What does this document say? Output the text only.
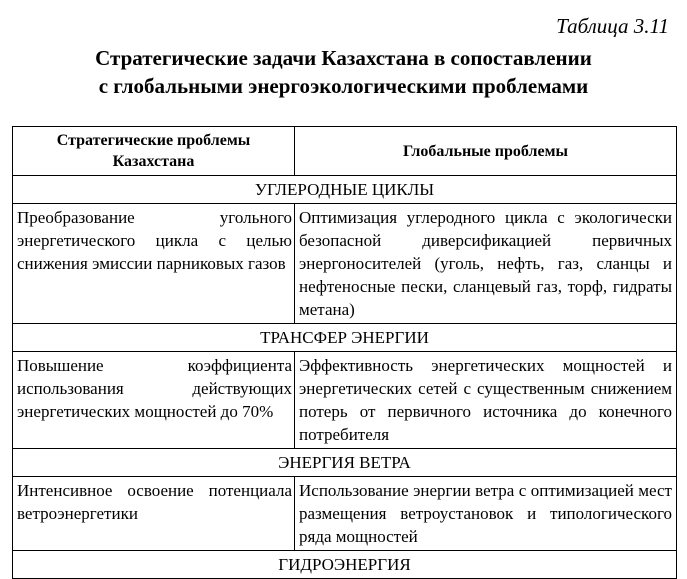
Таблица 3.11
Стратегические задачи Казахстана в сопоставлении
с глобальными энергоэкологическими проблемами
Стратегические проблемы Казахстана	Глобальные проблемы
УГЛЕРОДНЫЕ ЦИКЛЫ	
Преобразование угольного энергетического цикла с целью снижения эмиссии парниковых газов	Оптимизация углеродного цикла с экологически безопасной диверсификацией первичных энергоносителей (уголь, нефть, газ, сланцы и нефтеносные пески, сланцевый газ, торф, гидраты метана)
ТРАНСФЕР ЭНЕРГИИ	
Повышение коэффициента использования действующих энергетических мощностей до 70%	Эффективность энергетических мощностей и энергетических сетей с существенным снижением потерь от первичного источника до конечного потребителя
ЭНЕРГИЯ ВЕТРА	
Интенсивное освоение потенциала ветроэнергетики	Использование энергии ветра с оптимизацией мест размещения ветроустановок и типологического ряда мощностей
ГИДРОЭНЕРГИЯ	
